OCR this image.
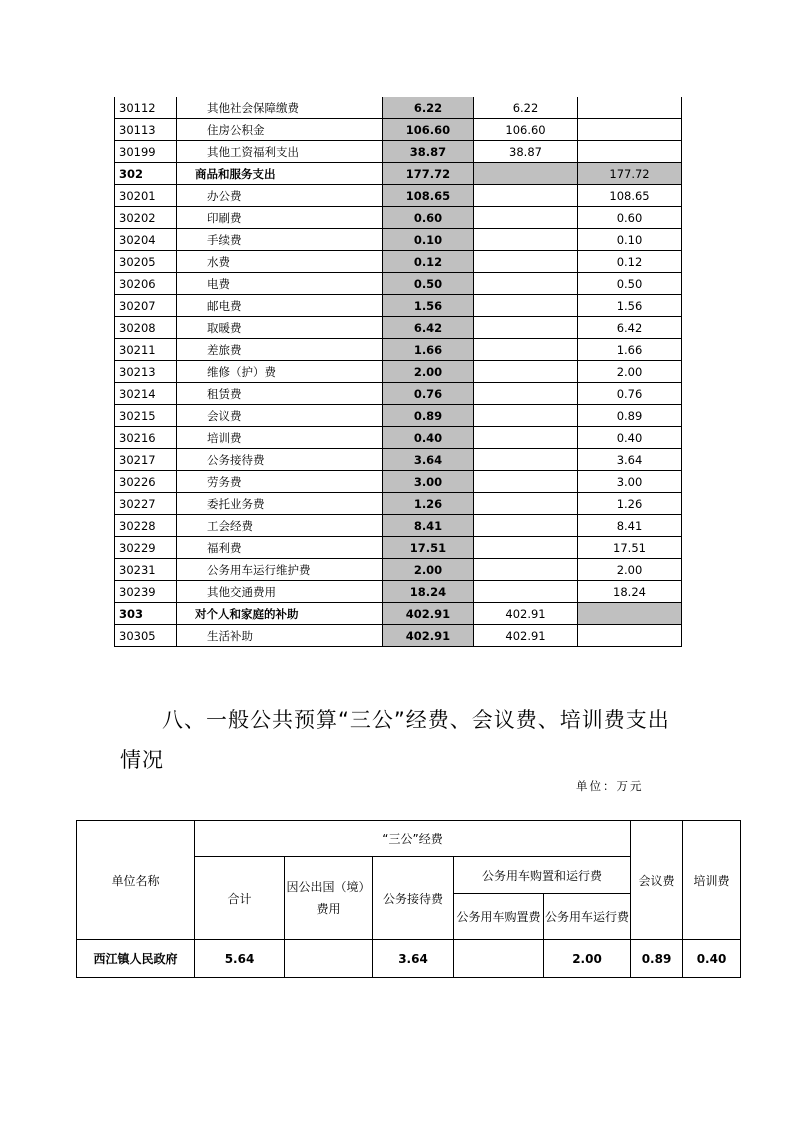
30112	其他社会保障缴费	6.22	6.22	
30113	住房公积金	106.60	106.60	
30199	其他工资福利支出	38.87	38.87	
302	商品和服务支出	177.72		177.72
30201	办公费	108.65		108.65
30202	印刷费	0.60		0.60
30204	手续费	0.10		0.10
30205	水费	0.12		0.12
30206	电费	0.50		0.50
30207	邮电费	1.56		1.56
30208	取暖费	6.42		6.42
30211	差旅费	1.66		1.66
30213	维修（护）费	2.00		2.00
30214	租赁费	0.76		0.76
30215	会议费	0.89		0.89
30216	培训费	0.40		0.40
30217	公务接待费	3.64		3.64
30226	劳务费	3.00		3.00
30227	委托业务费	1.26		1.26
30228	工会经费	8.41		8.41
30229	福利费	17.51		17.51
30231	公务用车运行维护费	2.00		2.00
30239	其他交通费用	18.24		18.24
303	对个人和家庭的补助	402.91	402.91	
30305	生活补助	402.91	402.91	
八、一般公共预算“三公”经费、会议费、培训费支出情况
单位：万元
单位名称	“三公”经费					会议费	培训费
	合计	因公出国（境）费用	公务接待费	公务用车购置和运行费			
				公务用车购置费	公务用车运行费		
西江镇人民政府	5.64		3.64		2.00	0.89	0.40
